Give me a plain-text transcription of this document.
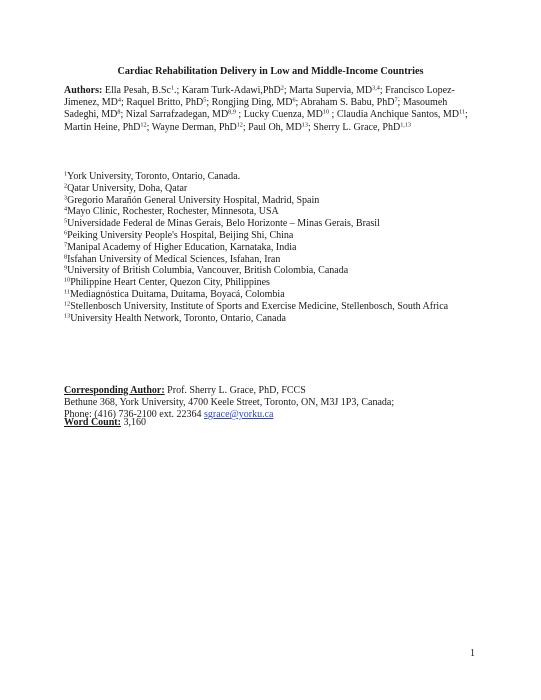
Cardiac Rehabilitation Delivery in Low and Middle-Income Countries
Authors: Ella Pesah, B.Sc$^1$.; Karam Turk-Adawi,PhD$^2$; Marta Supervia, MD$^{3,4}$; Francisco Lopez-Jimenez, $MD^4$; Raquel Britto, PhD$^5$; Rongjing Ding, $MD^6$; Abraham S. Babu, PhD$^7$; Masoumeh Sadeghi, $MD^8$; Nizal Sarrafzadegan, MD$^{8,9}$ ; Lucky Cuenza, MD$^{10}$ ; Claudia Anchique Santos, MD$^{11}$; Martin Heine, PhD$^{12}$; Wayne Derman, PhD$^{12}$; Paul Oh, MD$^{13}$; Sherry L. Grace, PhD$^{1,13}$
$^1$York University, Toronto, Ontario, Canada.
$^2$Qatar University, Doha, Qatar
$^3$Gregorio Marañón General University Hospital, Madrid, Spain
$^4$Mayo Clinic, Rochester, Rochester, Minnesota, USA
$^5$Universidade Federal de Minas Gerais, Belo Horizonte – Minas Gerais, Brasil
$^6$Peiking University People's Hospital, Beijing Shi, China
$^7$Manipal Academy of Higher Education, Karnataka, India
$^8$Isfahan University of Medical Sciences, Isfahan, Iran
$^9$University of British Columbia, Vancouver, British Colombia, Canada
$^{10}$Philippine Heart Center, Quezon City, Philippines
$^{11}$Mediagnóstica Duitama, Duitama, Boyacá, Colombia
$^{12}$Stellenbosch University, Institute of Sports and Exercise Medicine, Stellenbosch, South Africa
$^{13}$University Health Network, Toronto, Ontario, Canada
Corresponding Author: Prof. Sherry L. Grace, PhD, FCCS
Bethune 368, York University, 4700 Keele Street, Toronto, ON, M3J 1P3, Canada;
Phone: (416) 736-2100 ext. 22364 sgrace@yorku.ca
Word Count: 3,160
1
